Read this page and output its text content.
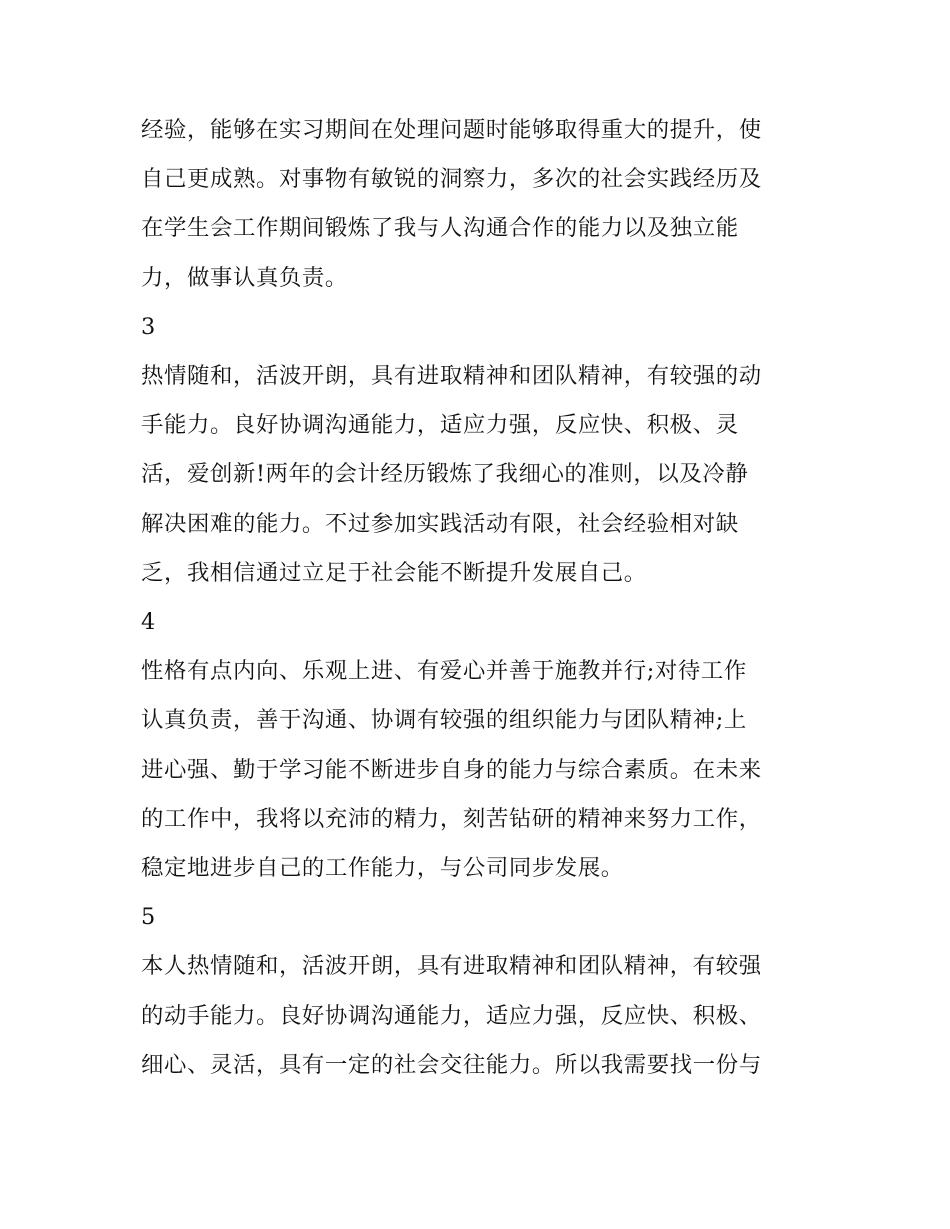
经验，能够在实习期间在处理问题时能够取得重大的提升，使
自己更成熟。对事物有敏锐的洞察力，多次的社会实践经历及
在学生会工作期间锻炼了我与人沟通合作的能力以及独立能
力，做事认真负责。
3
热情随和，活波开朗，具有进取精神和团队精神，有较强的动
手能力。良好协调沟通能力，适应力强，反应快、积极、灵
活，爱创新!两年的会计经历锻炼了我细心的准则，以及冷静
解决困难的能力。不过参加实践活动有限，社会经验相对缺
乏，我相信通过立足于社会能不断提升发展自己。
4
性格有点内向、乐观上进、有爱心并善于施教并行;对待工作
认真负责，善于沟通、协调有较强的组织能力与团队精神;上
进心强、勤于学习能不断进步自身的能力与综合素质。在未来
的工作中，我将以充沛的精力，刻苦钻研的精神来努力工作，
稳定地进步自己的工作能力，与公司同步发展。
5
本人热情随和，活波开朗，具有进取精神和团队精神，有较强
的动手能力。良好协调沟通能力，适应力强，反应快、积极、
细心、灵活，具有一定的社会交往能力。所以我需要找一份与
